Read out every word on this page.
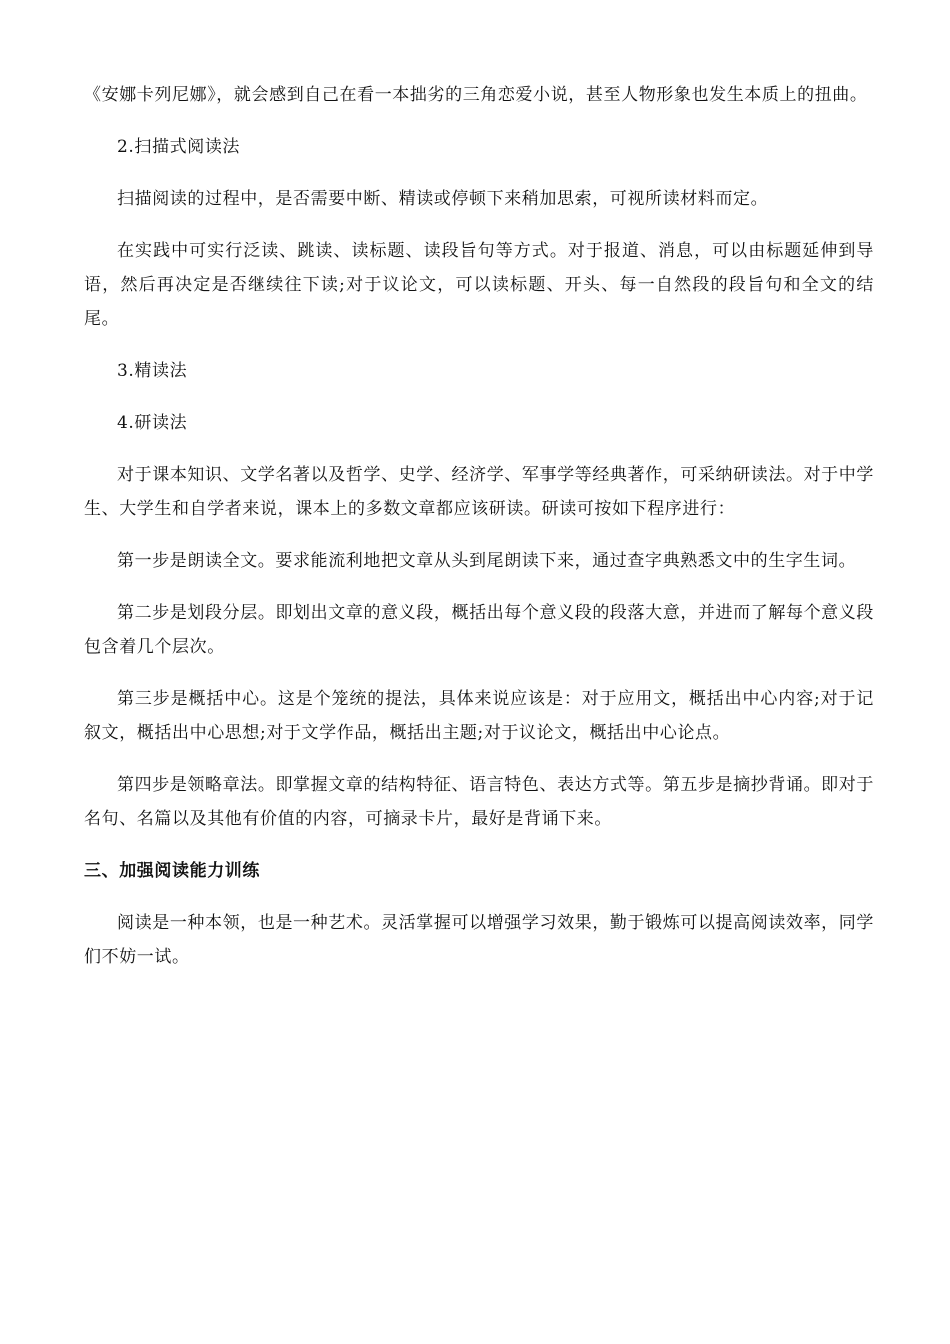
《安娜卡列尼娜》，就会感到自己在看一本拙劣的三角恋爱小说，甚至人物形象也发生本质上的扭曲。

2.扫描式阅读法

扫描阅读的过程中，是否需要中断、精读或停顿下来稍加思索，可视所读材料而定。

在实践中可实行泛读、跳读、读标题、读段旨句等方式。对于报道、消息，可以由标题延伸到导语，然后再决定是否继续往下读;对于议论文，可以读标题、开头、每一自然段的段旨句和全文的结尾。

3.精读法

4.研读法

对于课本知识、文学名著以及哲学、史学、经济学、军事学等经典著作，可采纳研读法。对于中学生、大学生和自学者来说，课本上的多数文章都应该研读。研读可按如下程序进行：

第一步是朗读全文。要求能流利地把文章从头到尾朗读下来，通过查字典熟悉文中的生字生词。

第二步是划段分层。即划出文章的意义段，概括出每个意义段的段落大意，并进而了解每个意义段包含着几个层次。

第三步是概括中心。这是个笼统的提法，具体来说应该是：对于应用文，概括出中心内容;对于记叙文，概括出中心思想;对于文学作品，概括出主题;对于议论文，概括出中心论点。

第四步是领略章法。即掌握文章的结构特征、语言特色、表达方式等。第五步是摘抄背诵。即对于名句、名篇以及其他有价值的内容，可摘录卡片，最好是背诵下来。

三、加强阅读能力训练

阅读是一种本领，也是一种艺术。灵活掌握可以增强学习效果，勤于锻炼可以提高阅读效率，同学们不妨一试。
